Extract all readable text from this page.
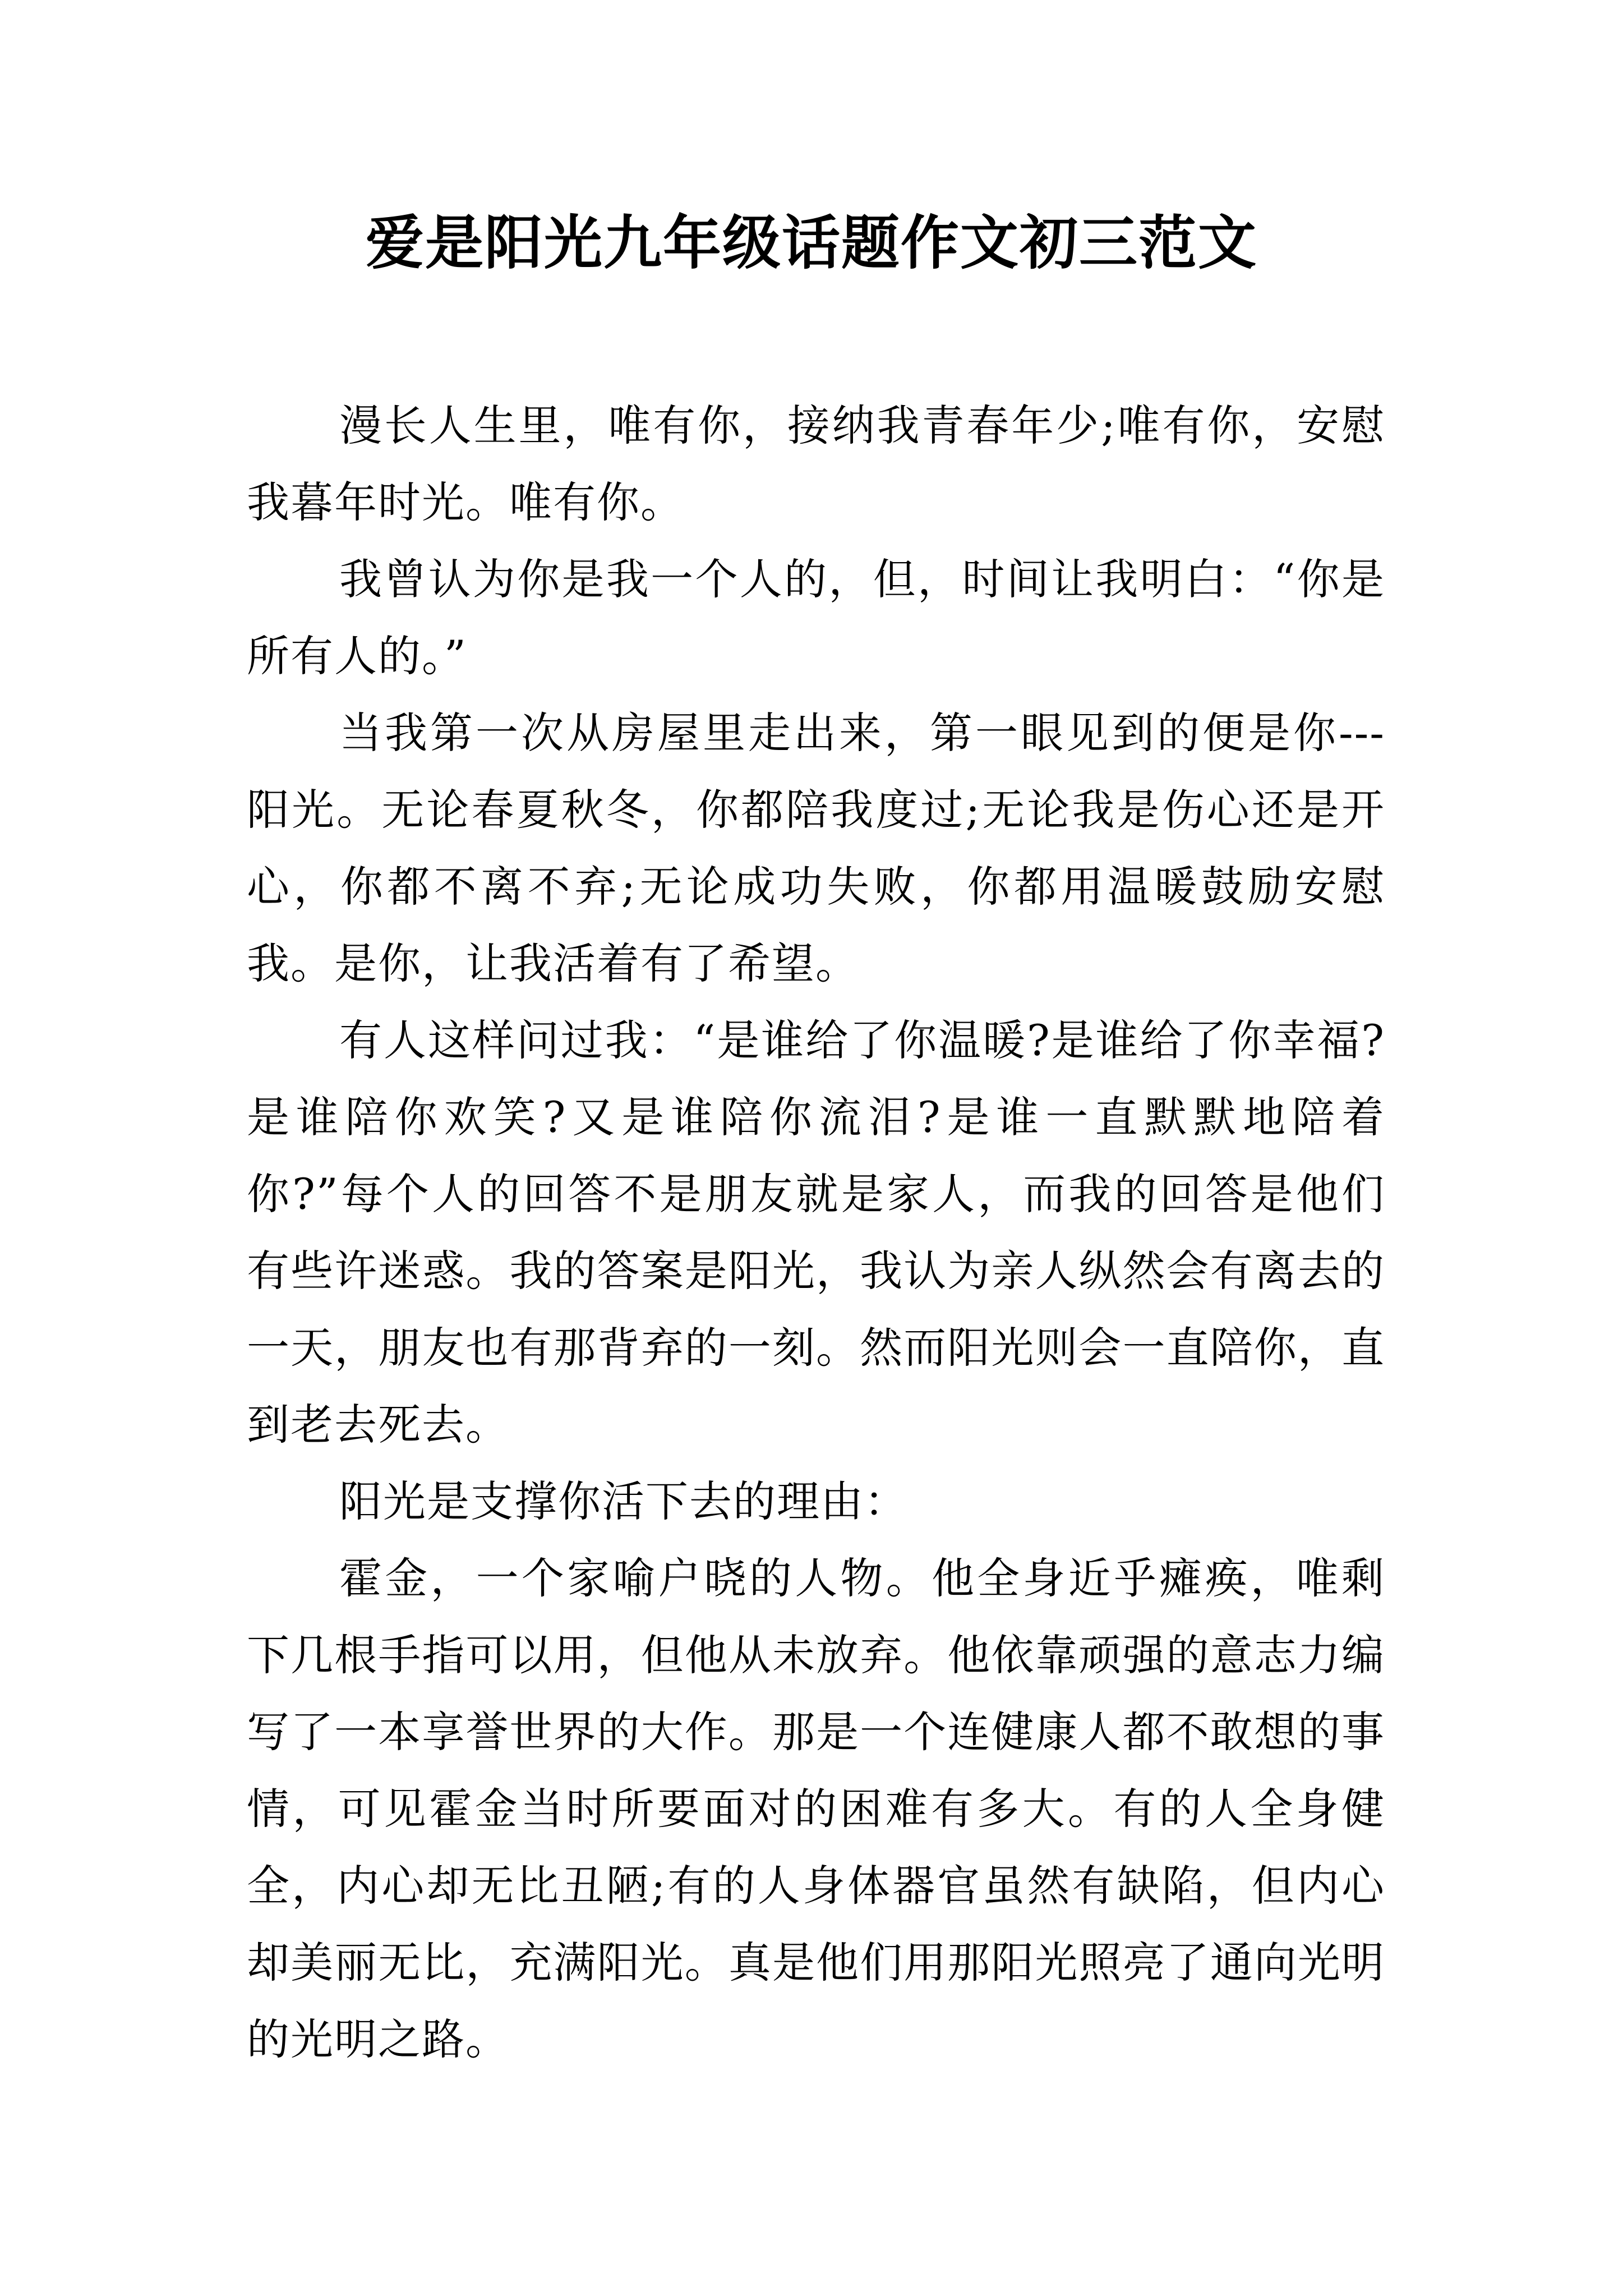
爱是阳光九年级话题作文初三范文

漫长人生里，唯有你，接纳我青春年少;唯有你，安慰我暮年时光。唯有你。

我曾认为你是我一个人的，但，时间让我明白：“你是所有人的。”

当我第一次从房屋里走出来，第一眼见到的便是你---阳光。无论春夏秋冬，你都陪我度过;无论我是伤心还是开心，你都不离不弃;无论成功失败，你都用温暖鼓励安慰我。是你，让我活着有了希望。

有人这样问过我：“是谁给了你温暖?是谁给了你幸福?是谁陪你欢笑?又是谁陪你流泪?是谁一直默默地陪着你?”每个人的回答不是朋友就是家人，而我的回答是他们有些许迷惑。我的答案是阳光，我认为亲人纵然会有离去的一天，朋友也有那背弃的一刻。然而阳光则会一直陪你，直到老去死去。

阳光是支撑你活下去的理由：

霍金，一个家喻户晓的人物。他全身近乎瘫痪，唯剩下几根手指可以用，但他从未放弃。他依靠顽强的意志力编写了一本享誉世界的大作。那是一个连健康人都不敢想的事情，可见霍金当时所要面对的困难有多大。有的人全身健全，内心却无比丑陋;有的人身体器官虽然有缺陷，但内心却美丽无比，充满阳光。真是他们用那阳光照亮了通向光明的光明之路。
